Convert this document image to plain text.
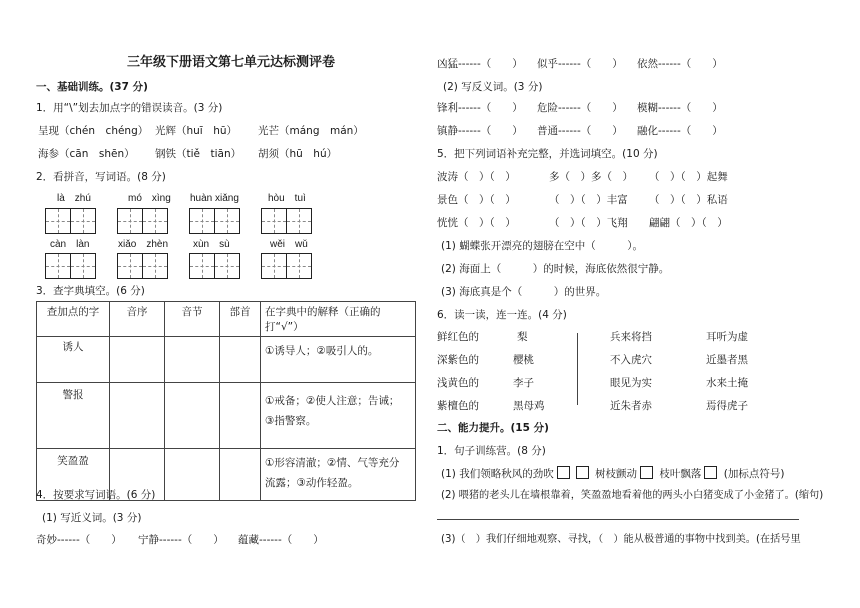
三年级下册语文第七单元达标测评卷
一、基础训练。(37 分)
1．用“\”划去加点字的错误读音。(3 分)
呈现（chén　chéng） 光辉（huī　hū） 光芒（máng　mán）
海参（cān　shēn） 钢铁（tiě　tiān） 胡须（hū　hú）
2．看拼音，写词语。(8 分)
là　zhú	mó　xìng huàn xiǎng	hòu　tuì
càn　làn	xiǎo　zhèn xùn　sù	wěi　wǔ
3．查字典填空。(6 分)
查加点的字	音序	音节	部首	在字典中的解释（正确的打“√”）
诱人				①诱导人；②吸引人的。

警报				①戒备；②使人注意；告诫；
③指警察。

笑盈盈				①形容清澈；②情、气等充分
流露；③动作轻盈。
4．按要求写词语。(6 分)
(1) 写近义词。(3 分)
奇妙------（　　） 宁静------（　　） 蕴藏------（　　）
凶猛------（　　） 似乎------（　　） 依然------（　　）
(2) 写反义词。(3 分)
锋利------（　　） 危险------（　　） 模糊------（　　）
镇静------（　　） 普通------（　　） 融化------（　　）
5．把下列词语补充完整，并选词填空。(10 分)
波涛（　）（　）	多（　）多（　） （　）（　）起舞
景色（　）（　）	（　）（　）丰富 （　）（　）私语
恍恍（　）（　）	（　）（　）飞翔 翩翩（　）（　）
(1) 蝴蝶张开漂亮的翅膀在空中（　　　）。
(2) 海面上（　　　）的时候，海底依然很宁静。
(3) 海底真是个（　　　）的世界。
6．读一读，连一连。(4 分)
鲜红色的
深紫色的
浅黄色的
紫檀色的
梨
樱桃
李子
黑母鸡
兵来将挡
不入虎穴
眼见为实
近朱者赤
耳听为虚
近墨者黑
水来土掩
焉得虎子
二、能力提升。(15 分)
1．句子训练营。(8 分)
(1) 我们领略秋风的劲吹	树枝颤动 枝叶飘落 (加标点符号)
(2) 喂猪的老头儿在墙根靠着，笑盈盈地看着他的两头小白猪变成了小金猪了。(缩句)
(3)（　）我们仔细地观察、寻找，（　）能从极普通的事物中找到美。(在括号里
